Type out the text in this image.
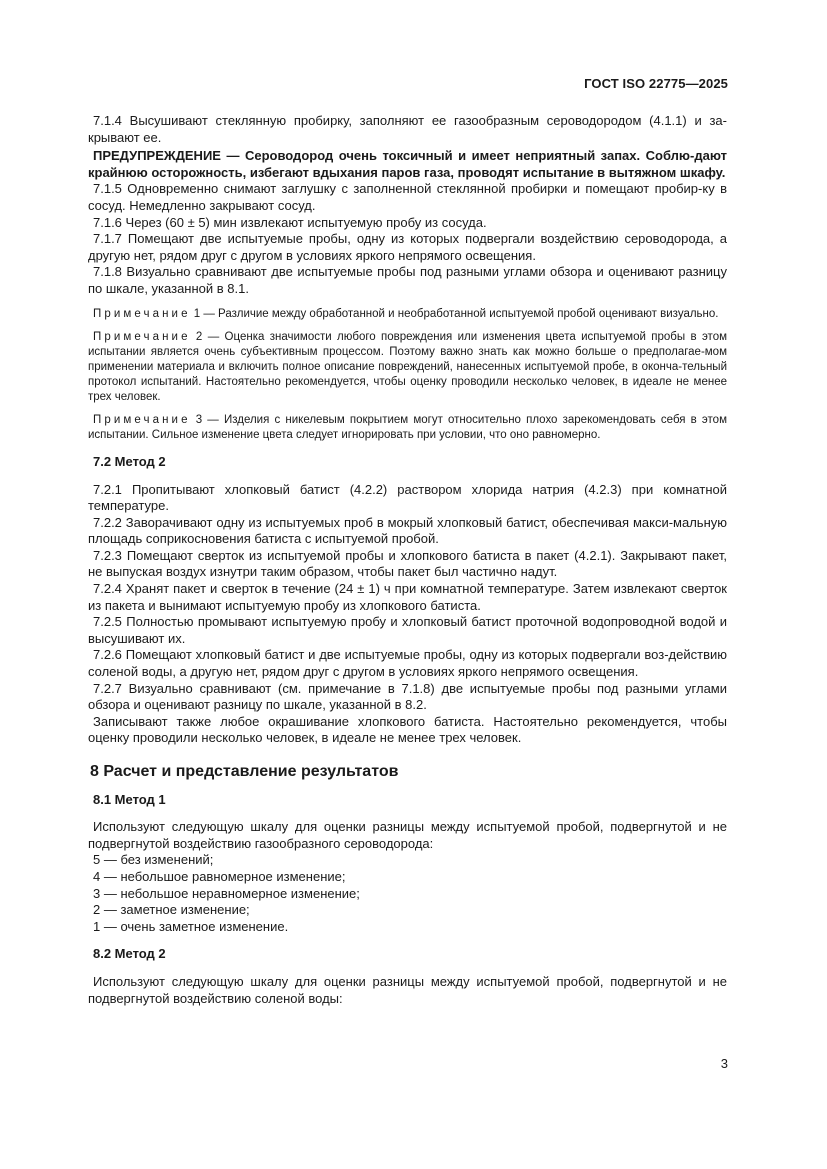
ГОСТ ISO 22775—2025

7.1.4 Высушивают стеклянную пробирку, заполняют ее газообразным сероводородом (4.1.1) и за-крывают ее.

ПРЕДУПРЕЖДЕНИЕ — Сероводород очень токсичный и имеет неприятный запах. Соблю-дают крайнюю осторожность, избегают вдыхания паров газа, проводят испытание в вытяжном шкафу.

7.1.5 Одновременно снимают заглушку с заполненной стеклянной пробирки и помещают пробир-ку в сосуд. Немедленно закрывают сосуд.

7.1.6 Через (60 ± 5) мин извлекают испытуемую пробу из сосуда.

7.1.7 Помещают две испытуемые пробы, одну из которых подвергали воздействию сероводорода, а другую нет, рядом друг с другом в условиях яркого непрямого освещения.

7.1.8 Визуально сравнивают две испытуемые пробы под разными углами обзора и оценивают разницу по шкале, указанной в 8.1.

Примечание 1 — Различие между обработанной и необработанной испытуемой пробой оценивают визуально.

Примечание 2 — Оценка значимости любого повреждения или изменения цвета испытуемой пробы в этом испытании является очень субъективным процессом. Поэтому важно знать как можно больше о предполагае-мом применении материала и включить полное описание повреждений, нанесенных испытуемой пробе, в оконча-тельный протокол испытаний. Настоятельно рекомендуется, чтобы оценку проводили несколько человек, в идеале не менее трех человек.

Примечание 3 — Изделия с никелевым покрытием могут относительно плохо зарекомендовать себя в этом испытании. Сильное изменение цвета следует игнорировать при условии, что оно равномерно.

7.2 Метод 2

7.2.1 Пропитывают хлопковый батист (4.2.2) раствором хлорида натрия (4.2.3) при комнатной температуре.

7.2.2 Заворачивают одну из испытуемых проб в мокрый хлопковый батист, обеспечивая макси-мальную площадь соприкосновения батиста с испытуемой пробой.

7.2.3 Помещают сверток из испытуемой пробы и хлопкового батиста в пакет (4.2.1). Закрывают пакет, не выпуская воздух изнутри таким образом, чтобы пакет был частично надут.

7.2.4 Хранят пакет и сверток в течение (24 ± 1) ч при комнатной температуре. Затем извлекают сверток из пакета и вынимают испытуемую пробу из хлопкового батиста.

7.2.5 Полностью промывают испытуемую пробу и хлопковый батист проточной водопроводной водой и высушивают их.

7.2.6 Помещают хлопковый батист и две испытуемые пробы, одну из которых подвергали воз-действию соленой воды, а другую нет, рядом друг с другом в условиях яркого непрямого освещения.

7.2.7 Визуально сравнивают (см. примечание в 7.1.8) две испытуемые пробы под разными углами обзора и оценивают разницу по шкале, указанной в 8.2.

Записывают также любое окрашивание хлопкового батиста. Настоятельно рекомендуется, чтобы оценку проводили несколько человек, в идеале не менее трех человек.

8 Расчет и представление результатов

8.1 Метод 1

Используют следующую шкалу для оценки разницы между испытуемой пробой, подвергнутой и не подвергнутой воздействию газообразного сероводорода:

5 — без изменений;

4 — небольшое равномерное изменение;

3 — небольшое неравномерное изменение;

2 — заметное изменение;

1 — очень заметное изменение.

8.2 Метод 2

Используют следующую шкалу для оценки разницы между испытуемой пробой, подвергнутой и не подвергнутой воздействию соленой воды:

3
